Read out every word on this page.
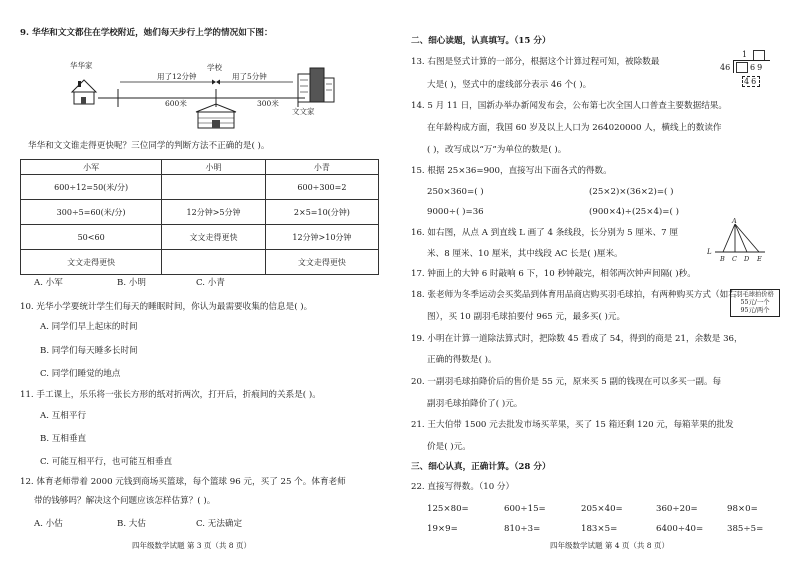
9. 华华和文文都住在学校附近，她们每天步行上学的情况如下图：
华华家
用了12分钟	用了5分钟
学校
600米	300米
文文家
华华和文文谁走得更快呢？三位同学的判断方法不正确的是( )。
小军	小明	小青
600÷12=50(米/分)		600÷300=2
300÷5=60(米/分)	12分钟>5分钟	2×5=10(分钟)
50<60	文文走得更快	12分钟>10分钟
文文走得更快		文文走得更快
A. 小军	B. 小明	C. 小青
10. 光华小学要统计学生们每天的睡眠时间，你认为最需要收集的信息是( )。
A. 同学们早上起床的时间
B. 同学们每天睡多长时间
C. 同学们睡觉的地点
11. 手工课上，乐乐将一张长方形的纸对折两次，打开后，折痕间的关系是( )。
A. 互相平行
B. 互相垂直
C. 可能互相平行，也可能互相垂直
12. 体育老师带着 2000 元钱到商场买篮球，每个篮球 96 元，买了 25 个。体育老师
带的钱够吗？解决这个问题应该怎样估算？( )。
A. 小估	B. 大估	C. 无法确定
四年级数学试题 第 3 页（共 8 页）
二、细心读题，认真填写。（15 分）
13. 右图是竖式计算的一部分，根据这个计算过程可知，被除数最
大是( )，竖式中的虚线部分表示 46 个( )。
1
46 69
46
14. 5 月 11 日，国新办举办新闻发布会，公布第七次全国人口普查主要数据结果。
在年龄构成方面，我国 60 岁及以上人口为 264020000 人，横线上的数读作
( )，改写成以“万”为单位的数是( )。
15. 根据 25×36=900，直接写出下面各式的得数。
250×360=( )	(25×2)×(36×2)=( )
9000÷( )=36	(900×4)÷(25×4)=( )
16. 如右图，从点 A 到直线 L 画了 4 条线段，长分别为 5 厘米、7 厘
米、8 厘米、10 厘米，其中线段 AC 长是( )厘米。
A
L
B C D E
17. 钟面上的大钟 6 时敲响 6 下，10 秒钟敲完，相邻两次钟声间隔( )秒。
18. 张老师为冬季运动会买奖品到体育用品商店购买羽毛球拍，有两种购买方式（如右
图），买 10 副羽毛球拍要付 965 元，最多买( )元。
羽毛球拍价格
55元/一个
95元/两个
19. 小明在计算一道除法算式时，把除数 45 看成了 54，得到的商是 21，余数是 36，
正确的得数是( )。
20. 一副羽毛球拍降价后的售价是 55 元，原来买 5 副的钱现在可以多买一副。每
副羽毛球拍降价了( )元。
21. 王大伯带 1500 元去批发市场买苹果，买了 15 箱还剩 120 元，每箱苹果的批发
价是( )元。
三、细心认真，正确计算。（28 分）
22. 直接写得数。（10 分）
125×80=	600÷15=	205×40=	360÷20=	98×0=
19×9=	810÷3=	183×5=	6400÷40=	385÷5=
四年级数学试题 第 4 页（共 8 页）
